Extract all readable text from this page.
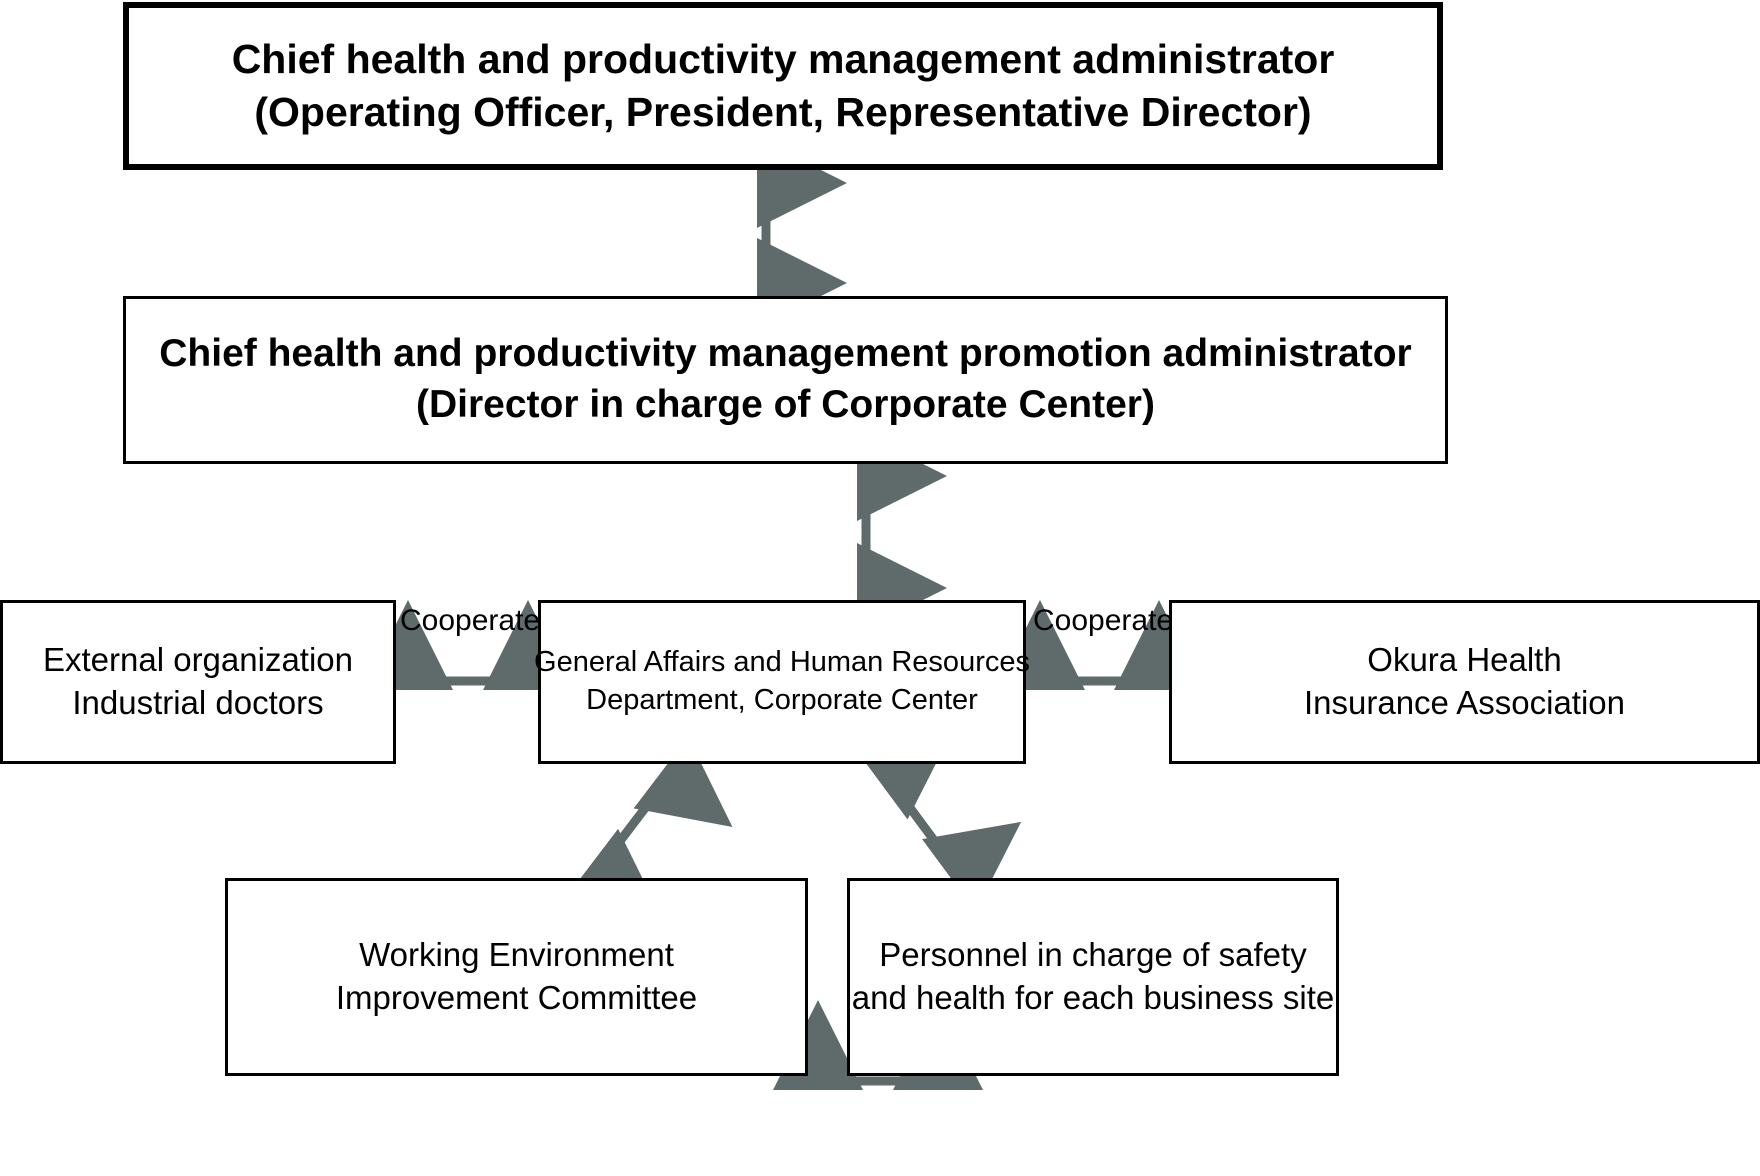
Chief health and productivity management administrator
(Operating Officer, President, Representative Director)
Chief health and productivity management promotion administrator
(Director in charge of Corporate Center)
External organization
Industrial doctors
General Affairs and Human Resources
Department, Corporate Center
Okura Health
Insurance Association
Working Environment
Improvement Committee
Personnel in charge of safety
and health for each business site
Cooperate	Cooperate
